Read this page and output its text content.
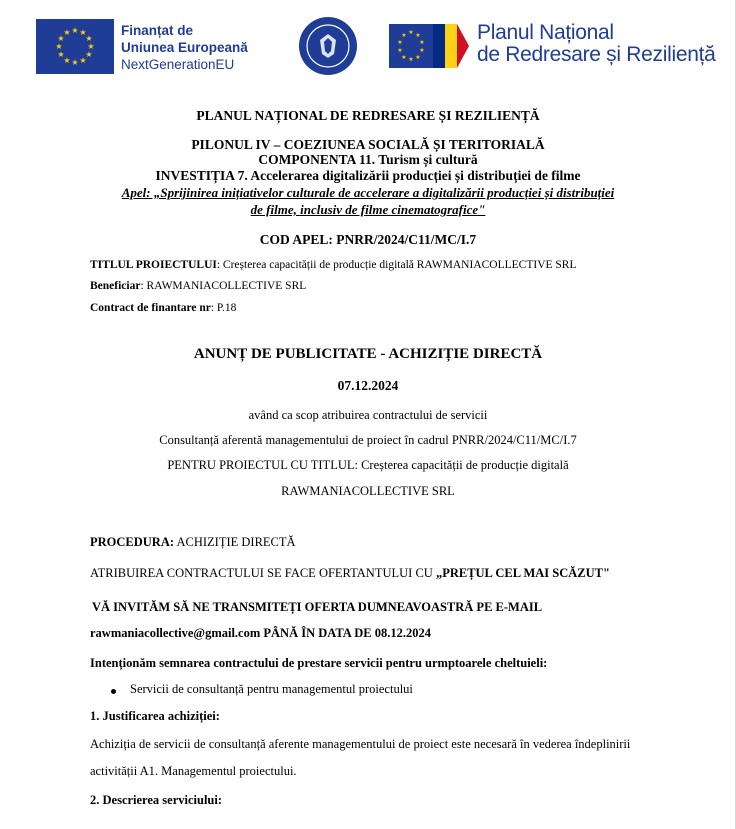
★ ★
★
★
★
★
★
★
★
★
★
★	Finanțat de
Uniunea Europeană
NextGenerationEU
★ ★
★
★
★
★
★
★
★
★	Planul Național
de Redresare și Reziliență
PLANUL NAȚIONAL DE REDRESARE ȘI REZILIENȚĂ
PILONUL IV – COEZIUNEA SOCIALĂ ȘI TERITORIALĂ
COMPONENTA 11. Turism și cultură
INVESTIȚIA 7. Accelerarea digitalizării producției și distribuției de filme
Apel: „Sprijinirea inițiativelor culturale de accelerare a digitalizării producției și distribuției
de filme, inclusiv de filme cinematografice"
COD APEL: PNRR/2024/C11/MC/I.7
TITLUL PROIECTULUI: Creșterea capacității de producție digitală RAWMANIACOLLECTIVE SRL
Beneficiar: RAWMANIACOLLECTIVE SRL
Contract de finantare nr: P.18
ANUNȚ DE PUBLICITATE - ACHIZIȚIE DIRECTĂ
07.12.2024
având ca scop atribuirea contractului de servicii
Consultanță aferentă managementului de proiect în cadrul PNRR/2024/C11/MC/I.7
PENTRU PROIECTUL CU TITLUL: Creșterea capacității de producție digitală
RAWMANIACOLLECTIVE SRL
PROCEDURA: ACHIZIȚIE DIRECTĂ
ATRIBUIREA CONTRACTULUI SE FACE OFERTANTULUI CU „PREȚUL CEL MAI SCĂZUT"
VĂ INVITĂM SĂ NE TRANSMITEȚI OFERTA DUMNEAVOASTRĂ PE E-MAIL
rawmaniacollective@gmail.com PÂNĂ ÎN DATA DE 08.12.2024
Intenționăm semnarea contractului de prestare servicii pentru urmptoarele cheltuieli:
Servicii de consultanță pentru managementul proiectului
1. Justificarea achiziției:
Achiziția de servicii de consultanță aferente managementului de proiect este necesară în vederea îndeplinirii
activității A1. Managementul proiectului.
2. Descrierea serviciului:
